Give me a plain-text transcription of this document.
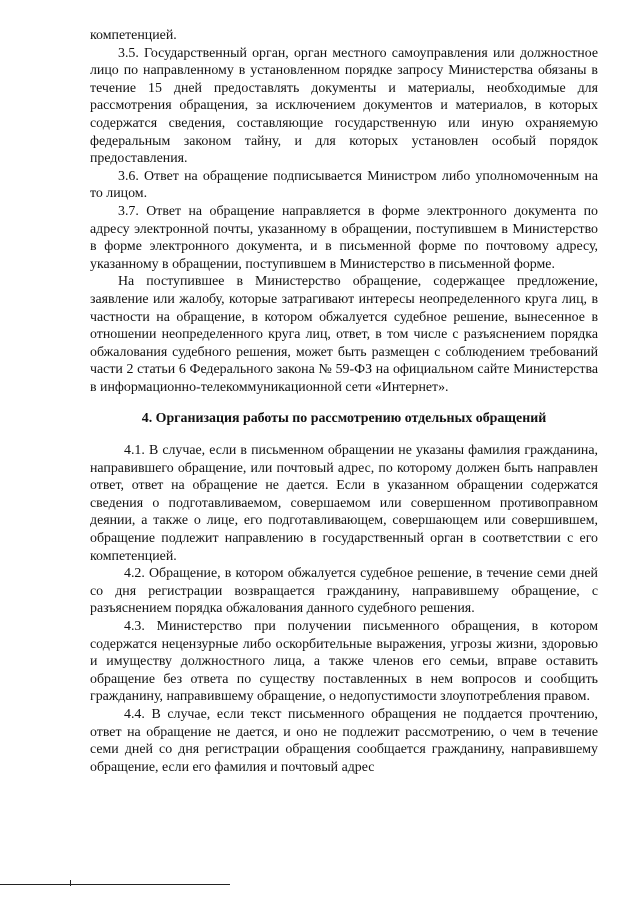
компетенцией.

3.5. Государственный орган, орган местного самоуправления или должностное лицо по направленному в установленном порядке запросу Министерства обязаны в течение 15 дней предоставлять документы и материалы, необходимые для рассмотрения обращения, за исключением документов и материалов, в которых содержатся сведения, составляющие государственную или иную охраняемую федеральным законом тайну, и для которых установлен особый порядок предоставления.

3.6. Ответ на обращение подписывается Министром либо уполномоченным на то лицом.

3.7. Ответ на обращение направляется в форме электронного документа по адресу электронной почты, указанному в обращении, поступившем в Министерство в форме электронного документа, и в письменной форме по почтовому адресу, указанному в обращении, поступившем в Министерство в письменной форме.

На поступившее в Министерство обращение, содержащее предложение, заявление или жалобу, которые затрагивают интересы неопределенного круга лиц, в частности на обращение, в котором обжалуется судебное решение, вынесенное в отношении неопределенного круга лиц, ответ, в том числе с разъяснением порядка обжалования судебного решения, может быть размещен с соблюдением требований части 2 статьи 6 Федерального закона № 59-ФЗ на официальном сайте Министерства в информационно-телекоммуникационной сети «Интернет».

4. Организация работы по рассмотрению отдельных обращений

4.1. В случае, если в письменном обращении не указаны фамилия гражданина, направившего обращение, или почтовый адрес, по которому должен быть направлен ответ, ответ на обращение не дается. Если в указанном обращении содержатся сведения о подготавливаемом, совершаемом или совершенном противоправном деянии, а также о лице, его подготавливающем, совершающем или совершившем, обращение подлежит направлению в государственный орган в соответствии с его компетенцией.

4.2. Обращение, в котором обжалуется судебное решение, в течение семи дней со дня регистрации возвращается гражданину, направившему обращение, с разъяснением порядка обжалования данного судебного решения.

4.3. Министерство при получении письменного обращения, в котором содержатся нецензурные либо оскорбительные выражения, угрозы жизни, здоровью и имуществу должностного лица, а также членов его семьи, вправе оставить обращение без ответа по существу поставленных в нем вопросов и сообщить гражданину, направившему обращение, о недопустимости злоупотребления правом.

4.4. В случае, если текст письменного обращения не поддается прочтению, ответ на обращение не дается, и оно не подлежит рассмотрению, о чем в течение семи дней со дня регистрации обращения сообщается гражданину, направившему обращение, если его фамилия и почтовый адрес
